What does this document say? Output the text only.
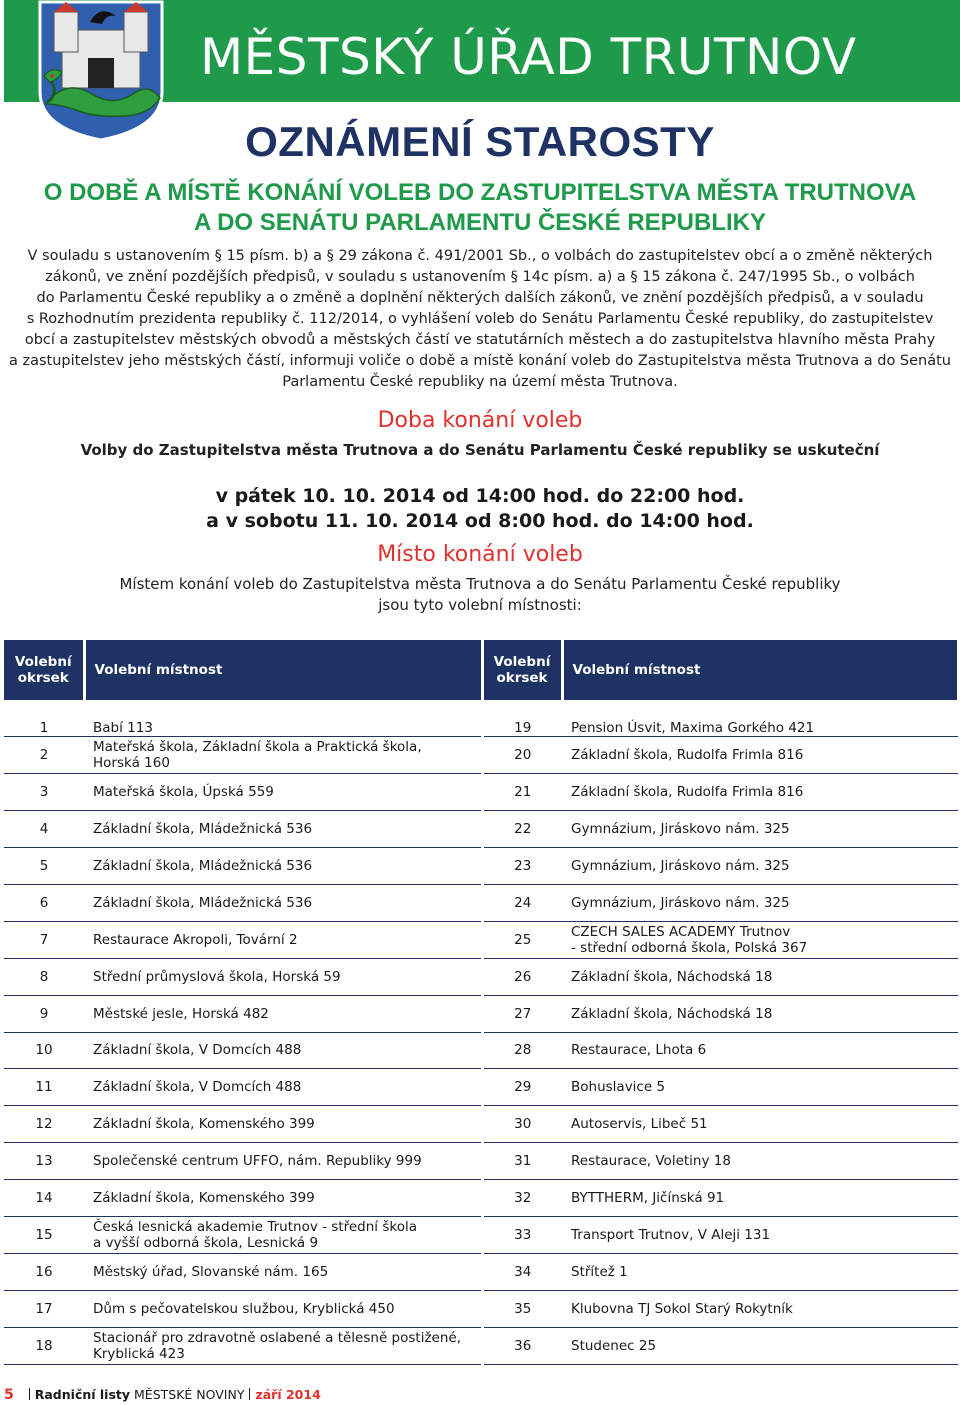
MĚSTSKÝ ÚŘAD TRUTNOV
OZNÁMENÍ STAROSTY
O DOBĚ A MÍSTĚ KONÁNÍ VOLEB DO ZASTUPITELSTVA MĚSTA TRUTNOVA
A DO SENÁTU PARLAMENTU ČESKÉ REPUBLIKY
V souladu s ustanovením § 15 písm. b) a § 29 zákona č. 491/2001 Sb., o volbách do zastupitelstev obcí a o změně některých
zákonů, ve znění pozdějších předpisů, v souladu s ustanovením § 14c písm. a) a § 15 zákona č. 247/1995 Sb., o volbách
do Parlamentu České republiky a o změně a doplnění některých dalších zákonů, ve znění pozdějších předpisů, a v souladu
s Rozhodnutím prezidenta republiky č. 112/2014, o vyhlášení voleb do Senátu Parlamentu České republiky, do zastupitelstev
obcí a zastupitelstev městských obvodů a městských částí ve statutárních městech a do zastupitelstva hlavního města Prahy
a zastupitelstev jeho městských částí, informuji voliče o době a místě konání voleb do Zastupitelstva města Trutnova a do Senátu
Parlamentu České republiky na území města Trutnova.
Doba konání voleb
Volby do Zastupitelstva města Trutnova a do Senátu Parlamentu České republiky se uskuteční
v pátek 10. 10. 2014 od 14:00 hod. do 22:00 hod.
a v sobotu 11. 10. 2014 od 8:00 hod. do 14:00 hod.
Místo konání voleb
Místem konání voleb do Zastupitelstva města Trutnova a do Senátu Parlamentu České republiky
jsou tyto volební místnosti:
Volební okrsek	Volební místnost	Volební okrsek	Volební místnost
1	Babí 113	19	Pension Úsvit, Maxima Gorkého 421
2	Mateřská škola, Základní škola a Praktická škola,
Horská 160	20	Základní škola, Rudolfa Frimla 816
3	Mateřská škola, Úpská 559	21	Základní škola, Rudolfa Frimla 816
4	Základní škola, Mládežnická 536	22	Gymnázium, Jiráskovo nám. 325
5	Základní škola, Mládežnická 536	23	Gymnázium, Jiráskovo nám. 325
6	Základní škola, Mládežnická 536	24	Gymnázium, Jiráskovo nám. 325
7	Restaurace Akropoli, Tovární 2	25	CZECH SALES ACADEMY Trutnov
- střední odborná škola, Polská 367
8	Střední průmyslová škola, Horská 59	26	Základní škola, Náchodská 18
9	Městské jesle, Horská 482	27	Základní škola, Náchodská 18
10	Základní škola, V Domcích 488	28	Restaurace, Lhota 6
11	Základní škola, V Domcích 488	29	Bohuslavice 5
12	Základní škola, Komenského 399	30	Autoservis, Libeč 51
13	Společenské centrum UFFO, nám. Republiky 999	31	Restaurace, Voletiny 18
14	Základní škola, Komenského 399	32	BYTTHERM, Jičínská 91
15	Česká lesnická akademie Trutnov - střední škola
a vyšší odborná škola, Lesnická 9	33	Transport Trutnov, V Aleji 131
16	Městský úřad, Slovanské nám. 165	34	Střítež 1
17	Dům s pečovatelskou službou, Kryblická 450	35	Klubovna TJ Sokol Starý Rokytník
18	Stacionář pro zdravotně oslabené a tělesně postižené,
Kryblická 423	36	Studenec 25
5 Radniční listy MĚSTSKÉ NOVINY září 2014
